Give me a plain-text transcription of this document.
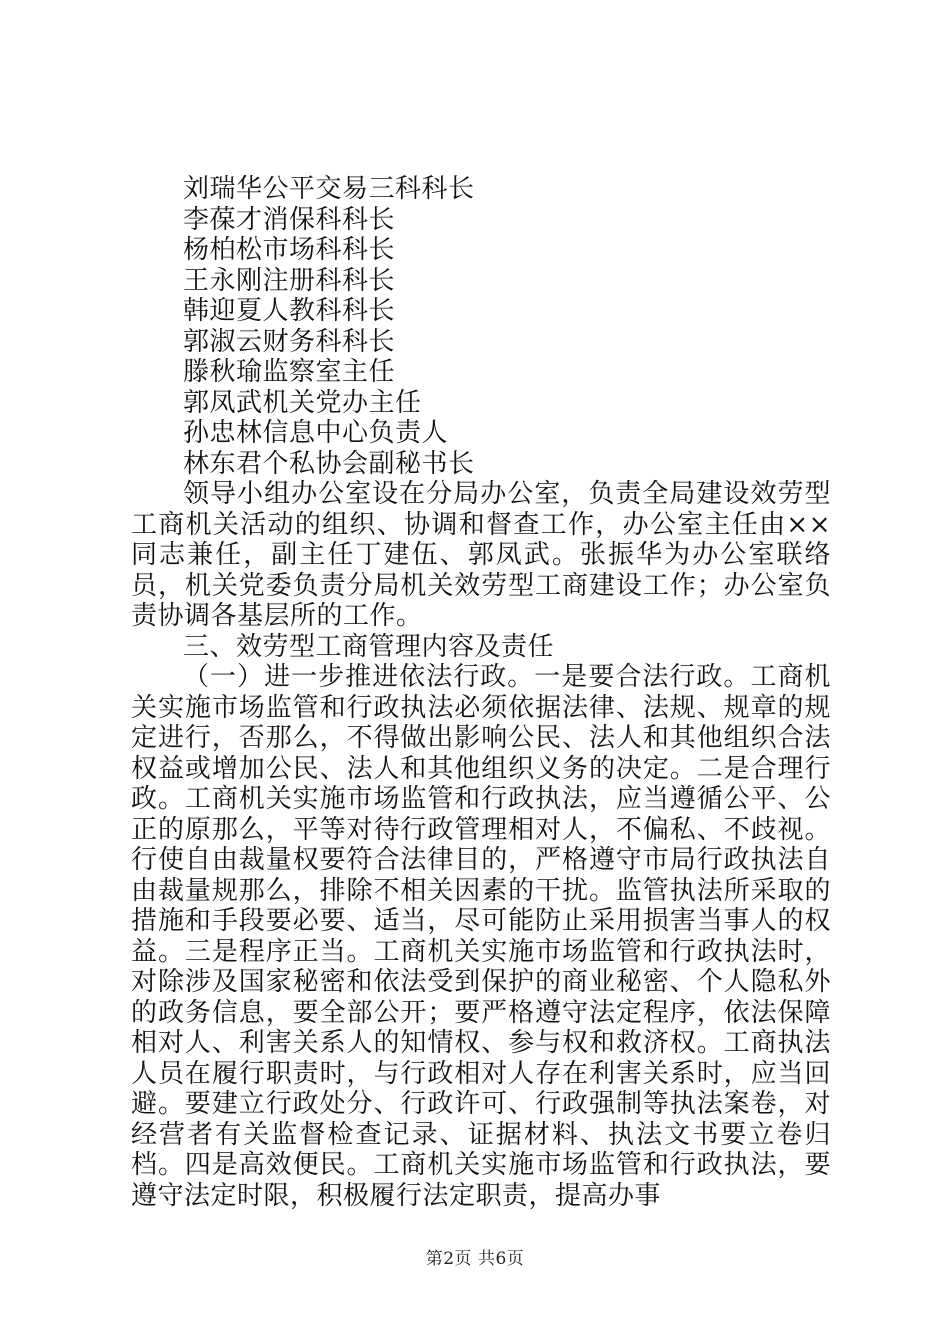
刘瑞华公平交易三科科长

李葆才消保科科长

杨柏松市场科科长

王永刚注册科科长

韩迎夏人教科科长

郭淑云财务科科长

滕秋瑜监察室主任

郭凤武机关党办主任

孙忠林信息中心负责人

林东君个私协会副秘书长

领导小组办公室设在分局办公室，负责全局建设效劳型工商机关活动的组织、协调和督查工作，办公室主任由××同志兼任，副主任丁建伍、郭凤武。张振华为办公室联络员，机关党委负责分局机关效劳型工商建设工作；办公室负责协调各基层所的工作。

三、效劳型工商管理内容及责任

（一）进一步推进依法行政。一是要合法行政。工商机关实施市场监管和行政执法必须依据法律、法规、规章的规定进行，否那么，不得做出影响公民、法人和其他组织合法权益或增加公民、法人和其他组织义务的决定。二是合理行政。工商机关实施市场监管和行政执法，应当遵循公平、公正的原那么，平等对待行政管理相对人，不偏私、不歧视。行使自由裁量权要符合法律目的，严格遵守市局行政执法自由裁量规那么，排除不相关因素的干扰。监管执法所采取的措施和手段要必要、适当，尽可能防止采用损害当事人的权益。三是程序正当。工商机关实施市场监管和行政执法时，对除涉及国家秘密和依法受到保护的商业秘密、个人隐私外的政务信息，要全部公开；要严格遵守法定程序，依法保障相对人、利害关系人的知情权、参与权和救济权。工商执法人员在履行职责时，与行政相对人存在利害关系时，应当回避。要建立行政处分、行政许可、行政强制等执法案卷，对经营者有关监督检查记录、证据材料、执法文书要立卷归档。四是高效便民。工商机关实施市场监管和行政执法，要遵守法定时限，积极履行法定职责，提高办事

第2页 共6页
